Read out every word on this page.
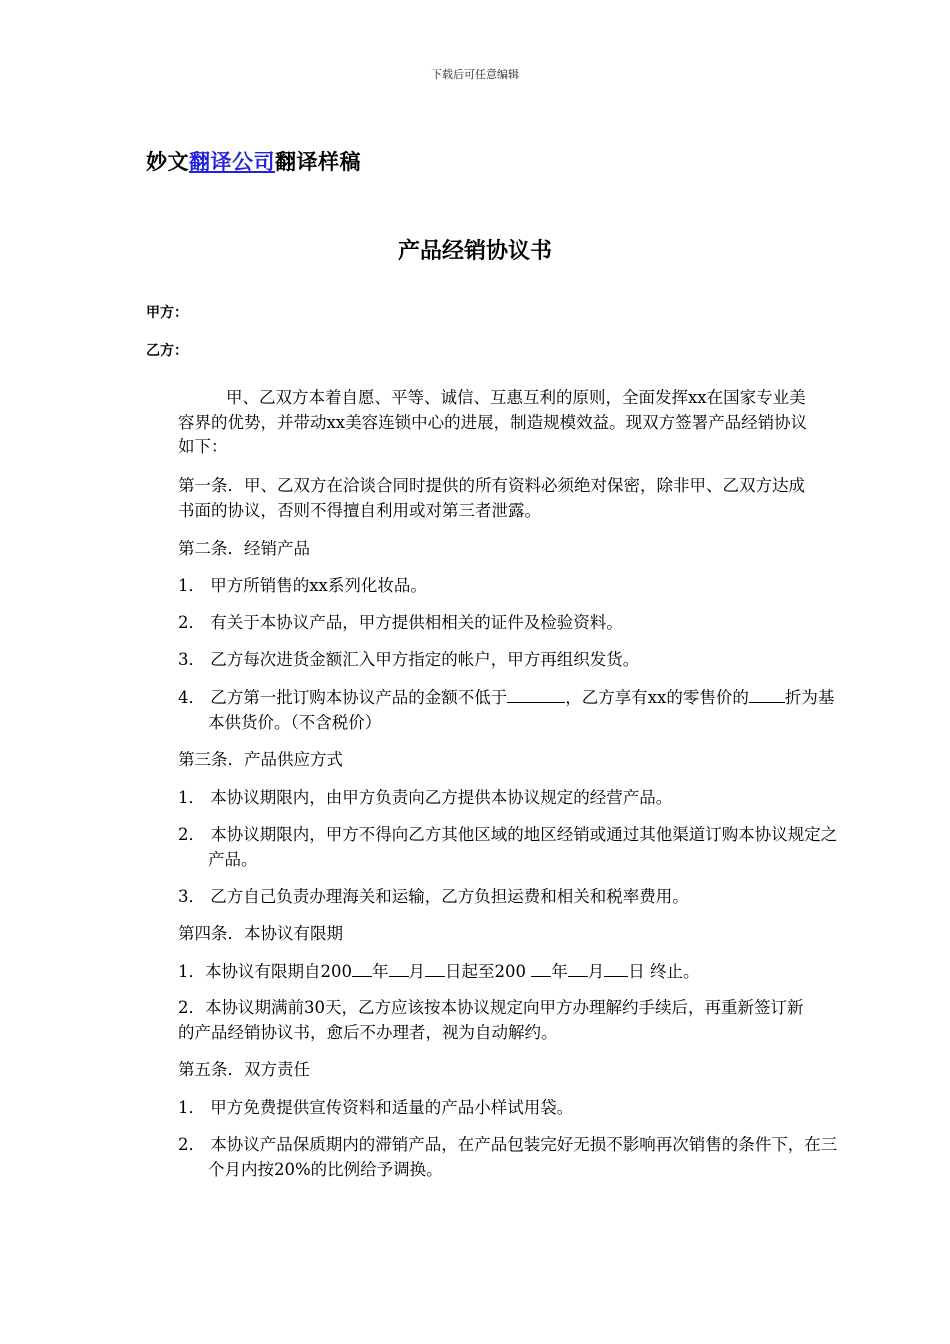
下载后可任意编辑
妙文翻译公司翻译样稿
产品经销协议书
甲方：
乙方：
甲、乙双方本着自愿、平等、诚信、互惠互利的原则，全面发挥xx在国家专业美容界的优势，并带动xx美容连锁中心的进展，制造规模效益。现双方签署产品经销协议如下：
第一条．甲、乙双方在洽谈合同时提供的所有资料必须绝对保密，除非甲、乙双方达成书面的协议，否则不得擅自利用或对第三者泄露。
第二条．经销产品
1． 甲方所销售的xx系列化妆品。
2． 有关于本协议产品，甲方提供相相关的证件及检验资料。
3． 乙方每次进货金额汇入甲方指定的帐户，甲方再组织发货。
4． 乙方第一批订购本协议产品的金额不低于	，乙方享有xx的零售价的 折为基本供货价。（不含税价）
第三条．产品供应方式
1． 本协议期限内，由甲方负责向乙方提供本协议规定的经营产品。
2． 本协议期限内，甲方不得向乙方其他区域的地区经销或通过其他渠道订购本协议规定之产品。
3． 乙方自己负责办理海关和运输，乙方负担运费和相关和税率费用。
第四条．本协议有限期
1．本协议有限期自200 年 月 日起至200 年 月 日 终止。
2．本协议期满前30天，乙方应该按本协议规定向甲方办理解约手续后，再重新签订新的产品经销协议书，愈后不办理者，视为自动解约。
第五条．双方责任
1． 甲方免费提供宣传资料和适量的产品小样试用袋。
2． 本协议产品保质期内的滞销产品，在产品包装完好无损不影响再次销售的条件下，在三个月内按20%的比例给予调换。
